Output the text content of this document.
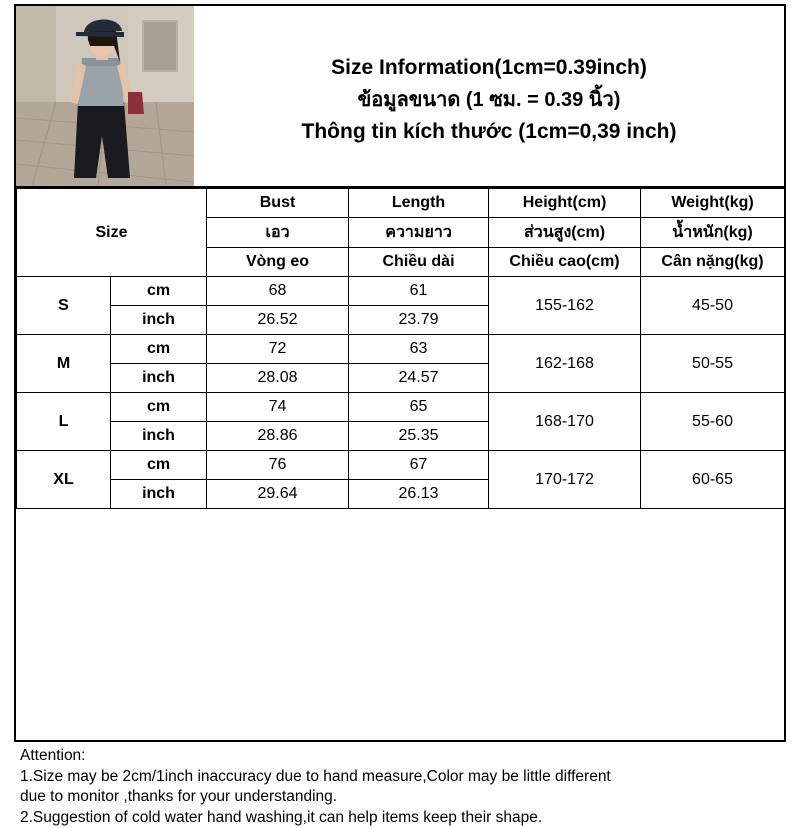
Size Information(1cm=0.39inch)
ข้อมูลขนาด (1 ซม. = 0.39 นิ้ว)
Thông tin kích thước (1cm=0,39 inch)
Size		Bust	Length	Height(cm)	Weight(kg)
		เอว	ความยาว	ส่วนสูง(cm)	น้ำหนัก(kg)
		Vòng eo	Chiều dài	Chiều cao(cm)	Cân nặng(kg)
S	cm	68	61	155-162	45-50
	inch	26.52	23.79		
M	cm	72	63	162-168	50-55
	inch	28.08	24.57		
L	cm	74	65	168-170	55-60
	inch	28.86	25.35		
XL	cm	76	67	170-172	60-65
	inch	29.64	26.13		
Attention:
1.Size may be 2cm/1inch inaccuracy due to hand measure,Color may be little different
due to monitor ,thanks for your understanding.
2.Suggestion of cold water hand washing,it can help items keep their shape.
